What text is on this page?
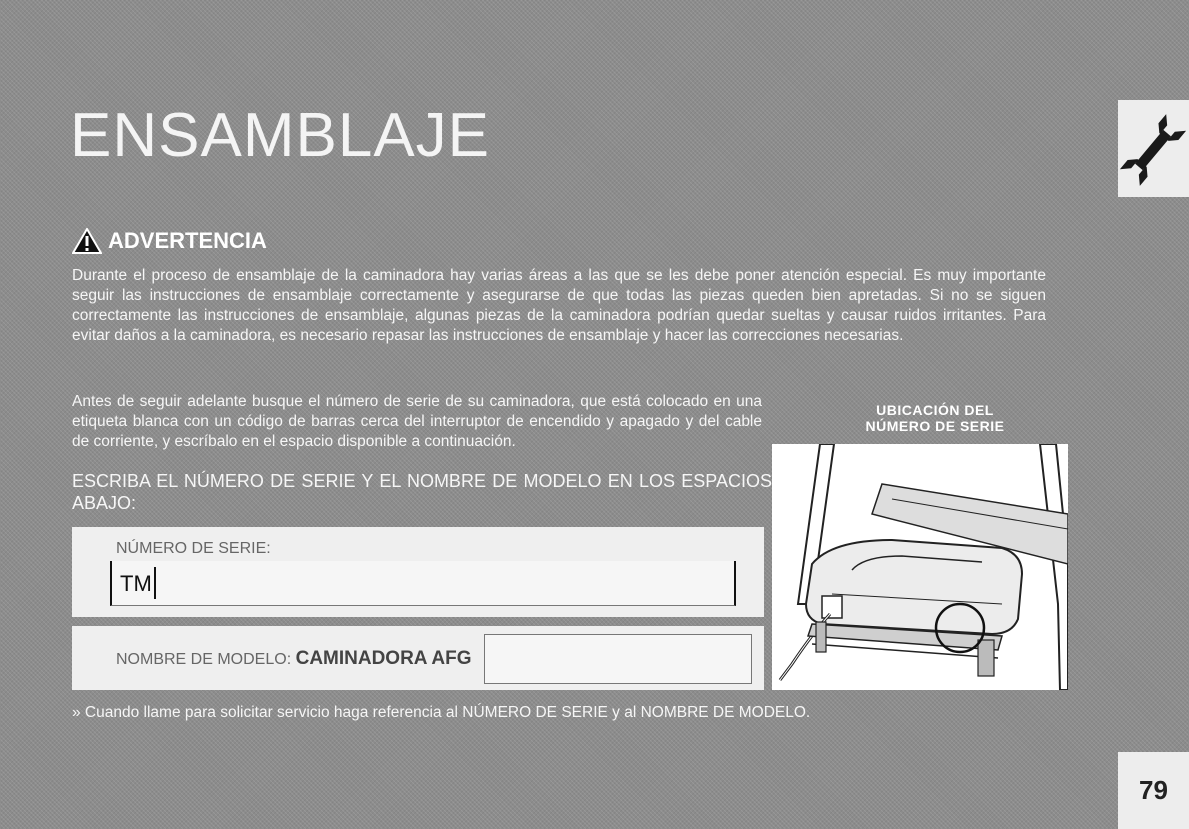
ENSAMBLAJE
ADVERTENCIA
Durante el proceso de ensamblaje de la caminadora hay varias áreas a las que se les debe poner atención especial. Es muy importante seguir las instrucciones de ensamblaje correctamente y asegurarse de que todas las piezas queden bien apretadas. Si no se siguen correctamente las instrucciones de ensamblaje, algunas piezas de la caminadora podrían quedar sueltas y causar ruidos irritantes. Para evitar daños a la caminadora, es necesario repasar las instrucciones de ensamblaje y hacer las correcciones necesarias.
Antes de seguir adelante busque el número de serie de su caminadora, que está colocado en una etiqueta blanca con un código de barras cerca del interruptor de encendido y apagado y del cable de corriente, y escríbalo en el espacio disponible a continuación.
ESCRIBA EL NÚMERO DE SERIE Y EL NOMBRE DE MODELO EN LOS ESPACIOS ABAJO:
NÚMERO DE SERIE:
TM
NOMBRE DE MODELO: CAMINADORA AFG
UBICACIÓN DEL
NÚMERO DE SERIE
» Cuando llame para solicitar servicio haga referencia al NÚMERO DE SERIE y al NOMBRE DE MODELO.
79
